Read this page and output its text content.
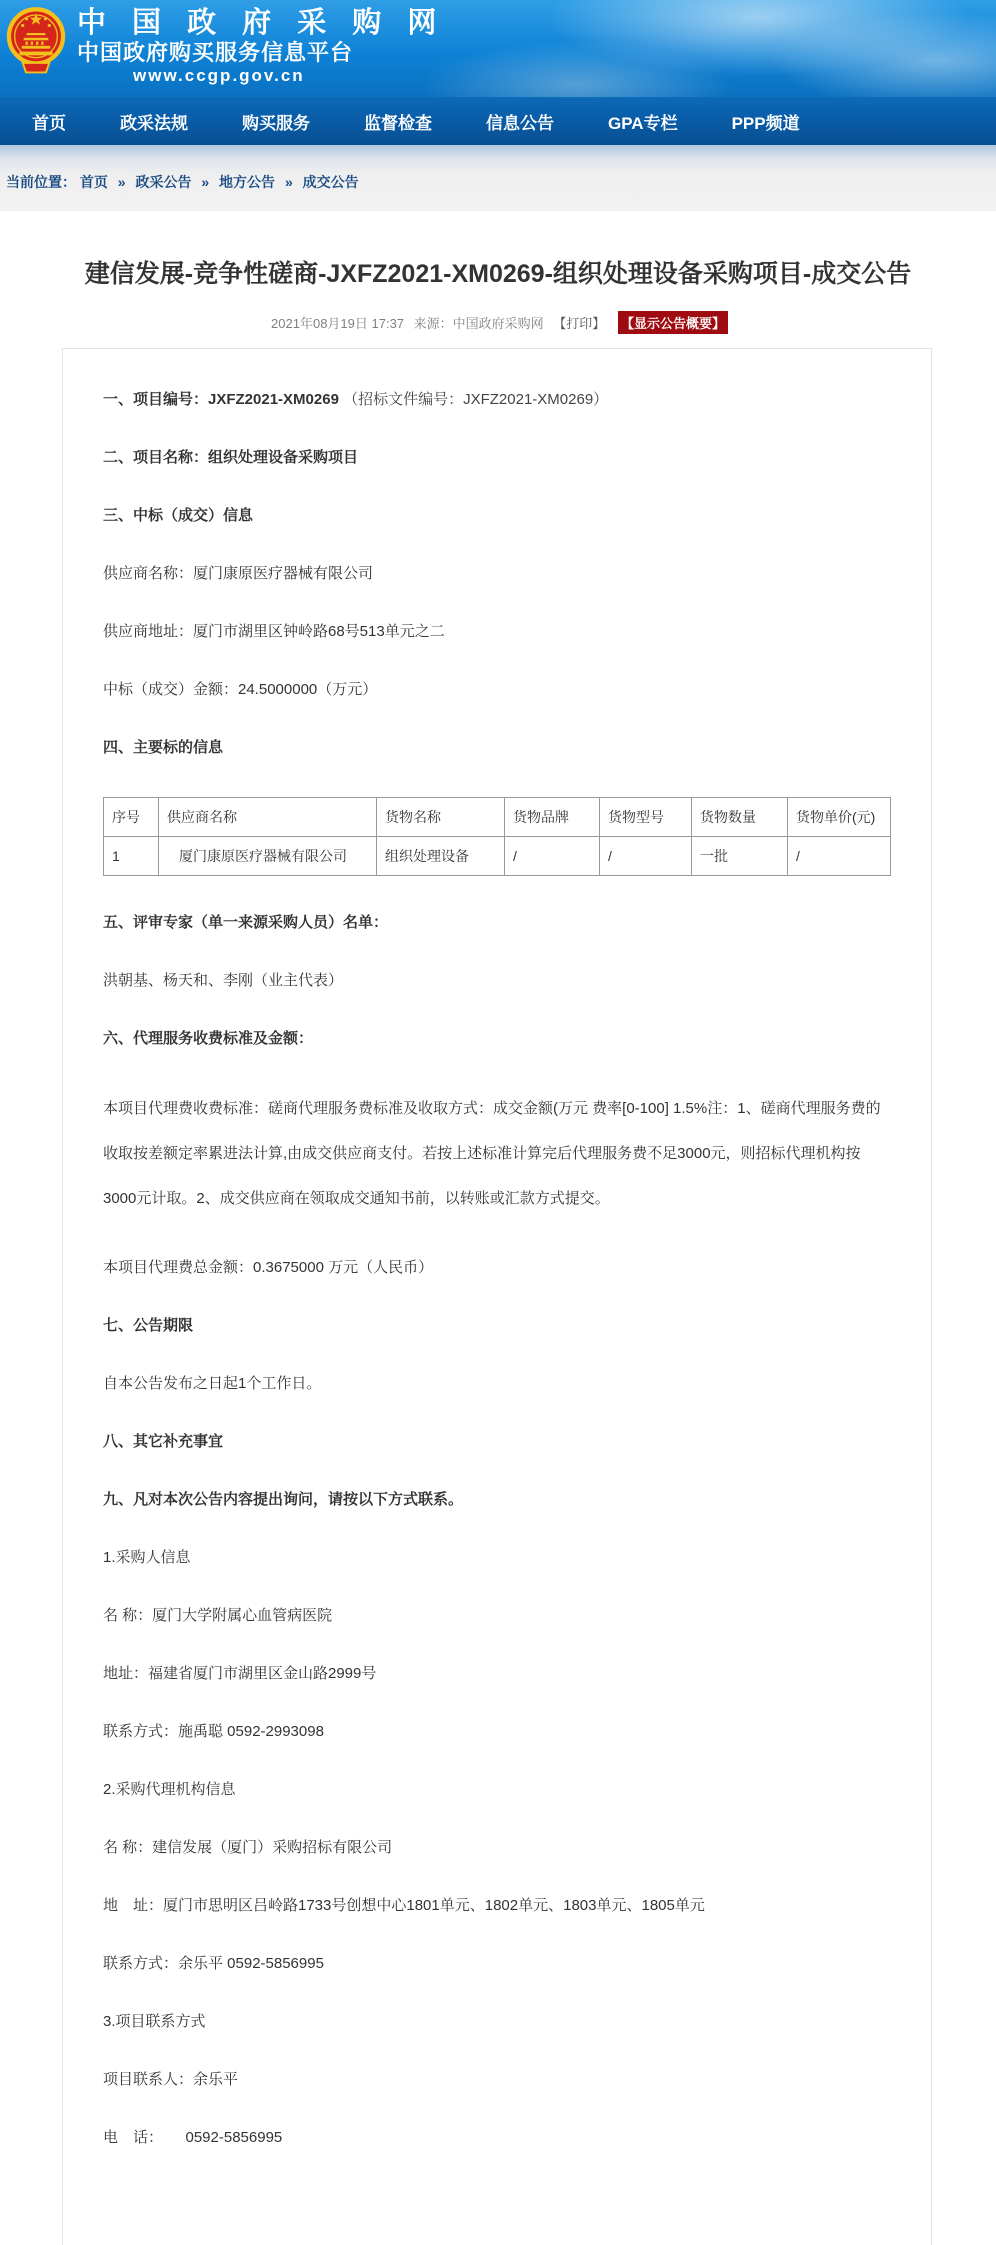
中 国 政 府 采 购 网
中国政府购买服务信息平台
www.ccgp.gov.cn
首页	政采法规	购买服务	监督检查	信息公告	GPA专栏	PPP频道
当前位置： 首页 » 政采公告 » 地方公告 » 成交公告
建信发展-竞争性磋商-JXFZ2021-XM0269-组织处理设备采购项目-成交公告
2021年08月19日 17:37 来源：中国政府采购网 【打印】 【显示公告概要】

一、项目编号：JXFZ2021-XM0269 （招标文件编号：JXFZ2021-XM0269）

二、项目名称：组织处理设备采购项目

三、中标（成交）信息

供应商名称：厦门康原医疗器械有限公司

供应商地址：厦门市湖里区钟岭路68号513单元之二

中标（成交）金额：24.5000000（万元）

四、主要标的信息

序号	供应商名称	货物名称	货物品牌	货物型号	货物数量	货物单价(元)
1	厦门康原医疗器械有限公司	组织处理设备	/	/	一批	/

五、评审专家（单一来源采购人员）名单：

洪朝基、杨天和、李刚（业主代表）

六、代理服务收费标准及金额：

本项目代理费收费标准：磋商代理服务费标准及收取方式：成交金额(万元 费率[0-100] 1.5%注：1、磋商代理服务费的收取按差额定率累进法计算,由成交供应商支付。若按上述标准计算完后代理服务费不足3000元，则招标代理机构按3000元计取。2、成交供应商在领取成交通知书前，以转账或汇款方式提交。

本项目代理费总金额：0.3675000 万元（人民币）

七、公告期限

自本公告发布之日起1个工作日。

八、其它补充事宜

九、凡对本次公告内容提出询问，请按以下方式联系。

1.采购人信息

名 称：厦门大学附属心血管病医院

地址：福建省厦门市湖里区金山路2999号

联系方式：施禹聪 0592-2993098

2.采购代理机构信息

名 称：建信发展（厦门）采购招标有限公司

地　址：厦门市思明区吕岭路1733号创想中心1801单元、1802单元、1803单元、1805单元

联系方式：余乐平 0592-5856995

3.项目联系方式

项目联系人：余乐平

电　话：　　0592-5856995
